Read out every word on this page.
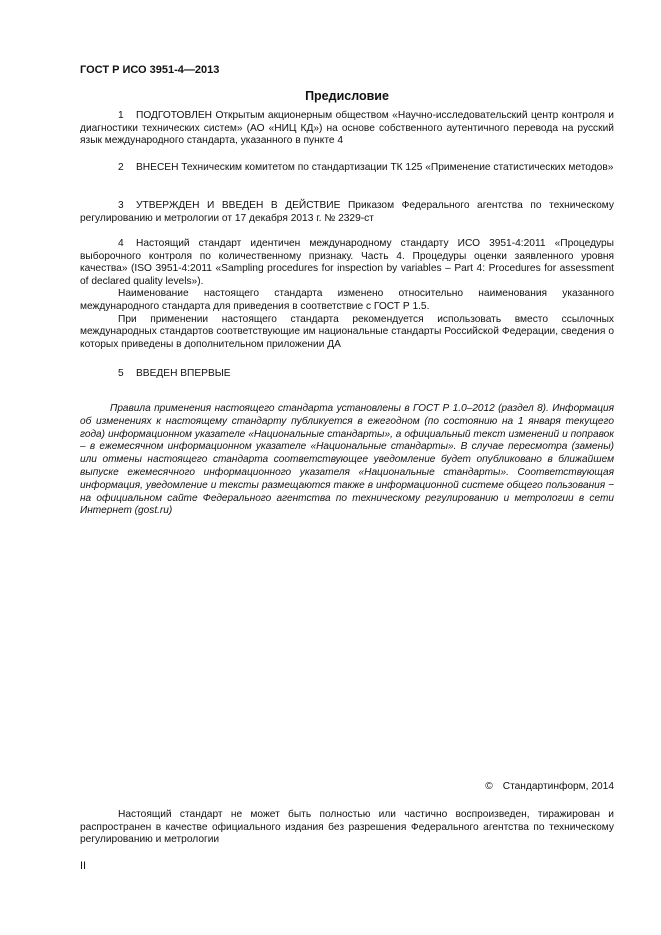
ГОСТ Р ИСО 3951-4—2013
Предисловие

1 ПОДГОТОВЛЕН Открытым акционерным обществом «Научно-исследовательский центр контроля и диагностики технических систем» (АО «НИЦ КД») на основе собственного аутентичного перевода на русский язык международного стандарта, указанного в пункте 4

2 ВНЕСЕН Техническим комитетом по стандартизации ТК 125 «Применение статистических методов»

3 УТВЕРЖДЕН И ВВЕДЕН В ДЕЙСТВИЕ Приказом Федерального агентства по техническому регулированию и метрологии от 17 декабря 2013 г. № 2329-ст

4 Настоящий стандарт идентичен международному стандарту ИСО 3951-4:2011 «Процедуры выборочного контроля по количественному признаку. Часть 4. Процедуры оценки заявленного уровня качества» (ISO 3951-4:2011 «Sampling procedures for inspection by variables – Part 4: Procedures for assessment of declared quality levels»).

Наименование настоящего стандарта изменено относительно наименования указанного международного стандарта для приведения в соответствие с ГОСТ Р 1.5.

При применении настоящего стандарта рекомендуется использовать вместо ссылочных международных стандартов соответствующие им национальные стандарты Российской Федерации, сведения о которых приведены в дополнительном приложении ДА

5 ВВЕДЕН ВПЕРВЫЕ

Правила применения настоящего стандарта установлены в ГОСТ Р 1.0–2012 (раздел 8). Информация об изменениях к настоящему стандарту публикуется в ежегодном (по состоянию на 1 января текущего года) информационном указателе «Национальные стандарты», а официальный текст изменений и поправок – в ежемесячном информационном указателе «Национальные стандарты». В случае пересмотра (замены) или отмены настоящего стандарта соответствующее уведомление будет опубликовано в ближайшем выпуске ежемесячного информационного указателя «Национальные стандарты». Соответствующая информация, уведомление и тексты размещаются также в информационной системе общего пользования − на официальном сайте Федерального агентства по техническому регулированию и метрологии в сети Интернет (gost.ru)

© Стандартинформ, 2014

Настоящий стандарт не может быть полностью или частично воспроизведен, тиражирован и распространен в качестве официального издания без разрешения Федерального агентства по техническому регулированию и метрологии

II
